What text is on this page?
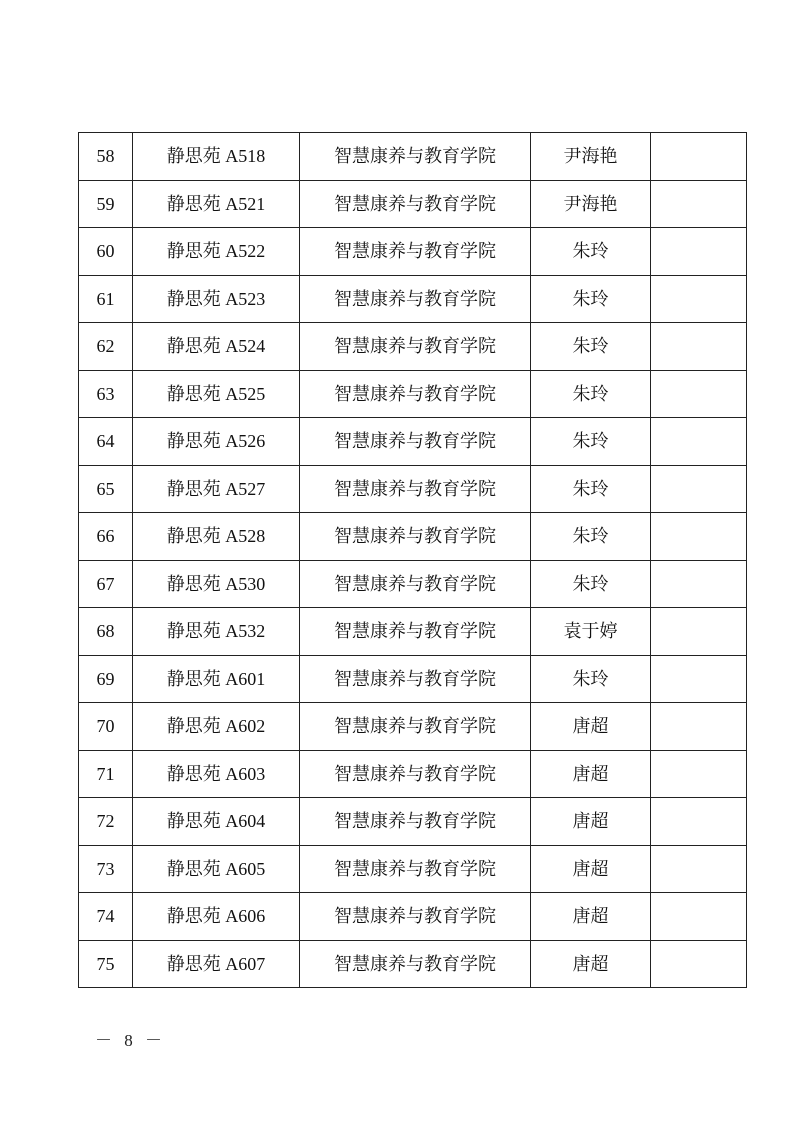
58	静思苑 A518	智慧康养与教育学院	尹海艳	
59	静思苑 A521	智慧康养与教育学院	尹海艳	
60	静思苑 A522	智慧康养与教育学院	朱玲	
61	静思苑 A523	智慧康养与教育学院	朱玲	
62	静思苑 A524	智慧康养与教育学院	朱玲	
63	静思苑 A525	智慧康养与教育学院	朱玲	
64	静思苑 A526	智慧康养与教育学院	朱玲	
65	静思苑 A527	智慧康养与教育学院	朱玲	
66	静思苑 A528	智慧康养与教育学院	朱玲	
67	静思苑 A530	智慧康养与教育学院	朱玲	
68	静思苑 A532	智慧康养与教育学院	袁于婷	
69	静思苑 A601	智慧康养与教育学院	朱玲	
70	静思苑 A602	智慧康养与教育学院	唐超	
71	静思苑 A603	智慧康养与教育学院	唐超	
72	静思苑 A604	智慧康养与教育学院	唐超	
73	静思苑 A605	智慧康养与教育学院	唐超	
74	静思苑 A606	智慧康养与教育学院	唐超	
75	静思苑 A607	智慧康养与教育学院	唐超	
－ 8 －
